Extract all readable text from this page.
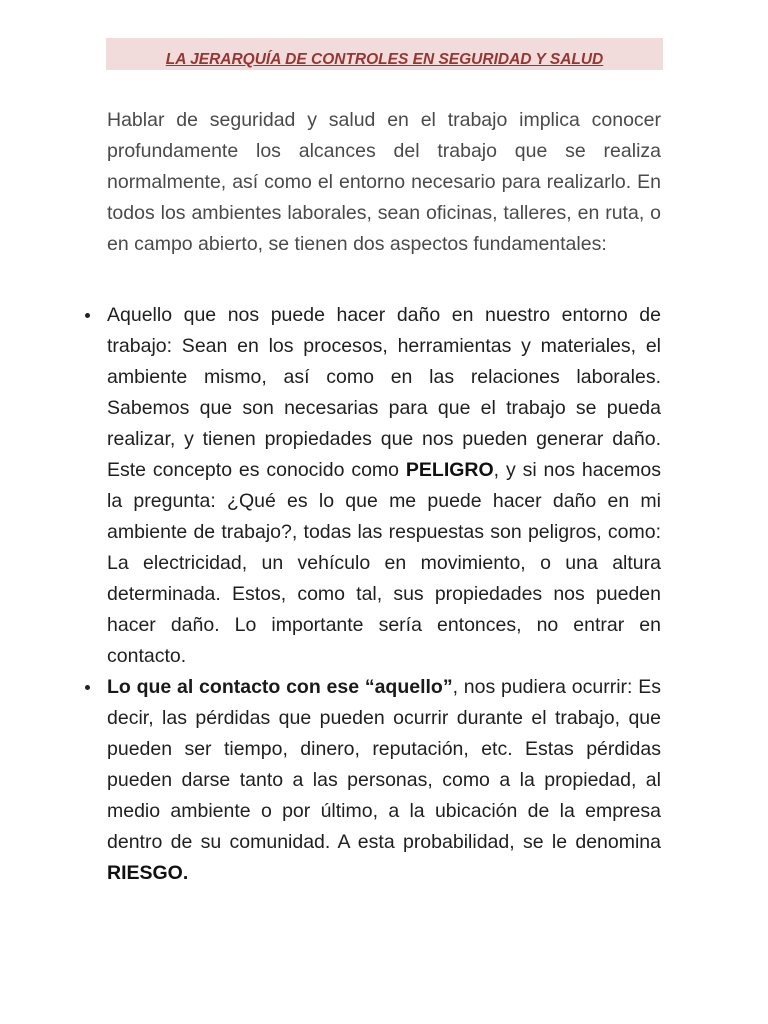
LA JERARQUÍA DE CONTROLES EN SEGURIDAD Y SALUD

Hablar de seguridad y salud en el trabajo implica conocer profundamente los alcances del trabajo que se realiza normalmente, así como el entorno necesario para realizarlo. En todos los ambientes laborales, sean oficinas, talleres, en ruta, o en campo abierto, se tienen dos aspectos fundamentales:

Aquello que nos puede hacer daño en nuestro entorno de trabajo: Sean en los procesos, herramientas y materiales, el ambiente mismo, así como en las relaciones laborales. Sabemos que son necesarias para que el trabajo se pueda realizar, y tienen propiedades que nos pueden generar daño. Este concepto es conocido como PELIGRO, y si nos hacemos la pregunta: ¿Qué es lo que me puede hacer daño en mi ambiente de trabajo?, todas las respuestas son peligros, como: La electricidad, un vehículo en movimiento, o una altura determinada. Estos, como tal, sus propiedades nos pueden hacer daño. Lo importante sería entonces, no entrar en contacto.

Lo que al contacto con ese “aquello”, nos pudiera ocurrir: Es decir, las pérdidas que pueden ocurrir durante el trabajo, que pueden ser tiempo, dinero, reputación, etc. Estas pérdidas pueden darse tanto a las personas, como a la propiedad, al medio ambiente o por último, a la ubicación de la empresa dentro de su comunidad. A esta probabilidad, se le denomina RIESGO.
